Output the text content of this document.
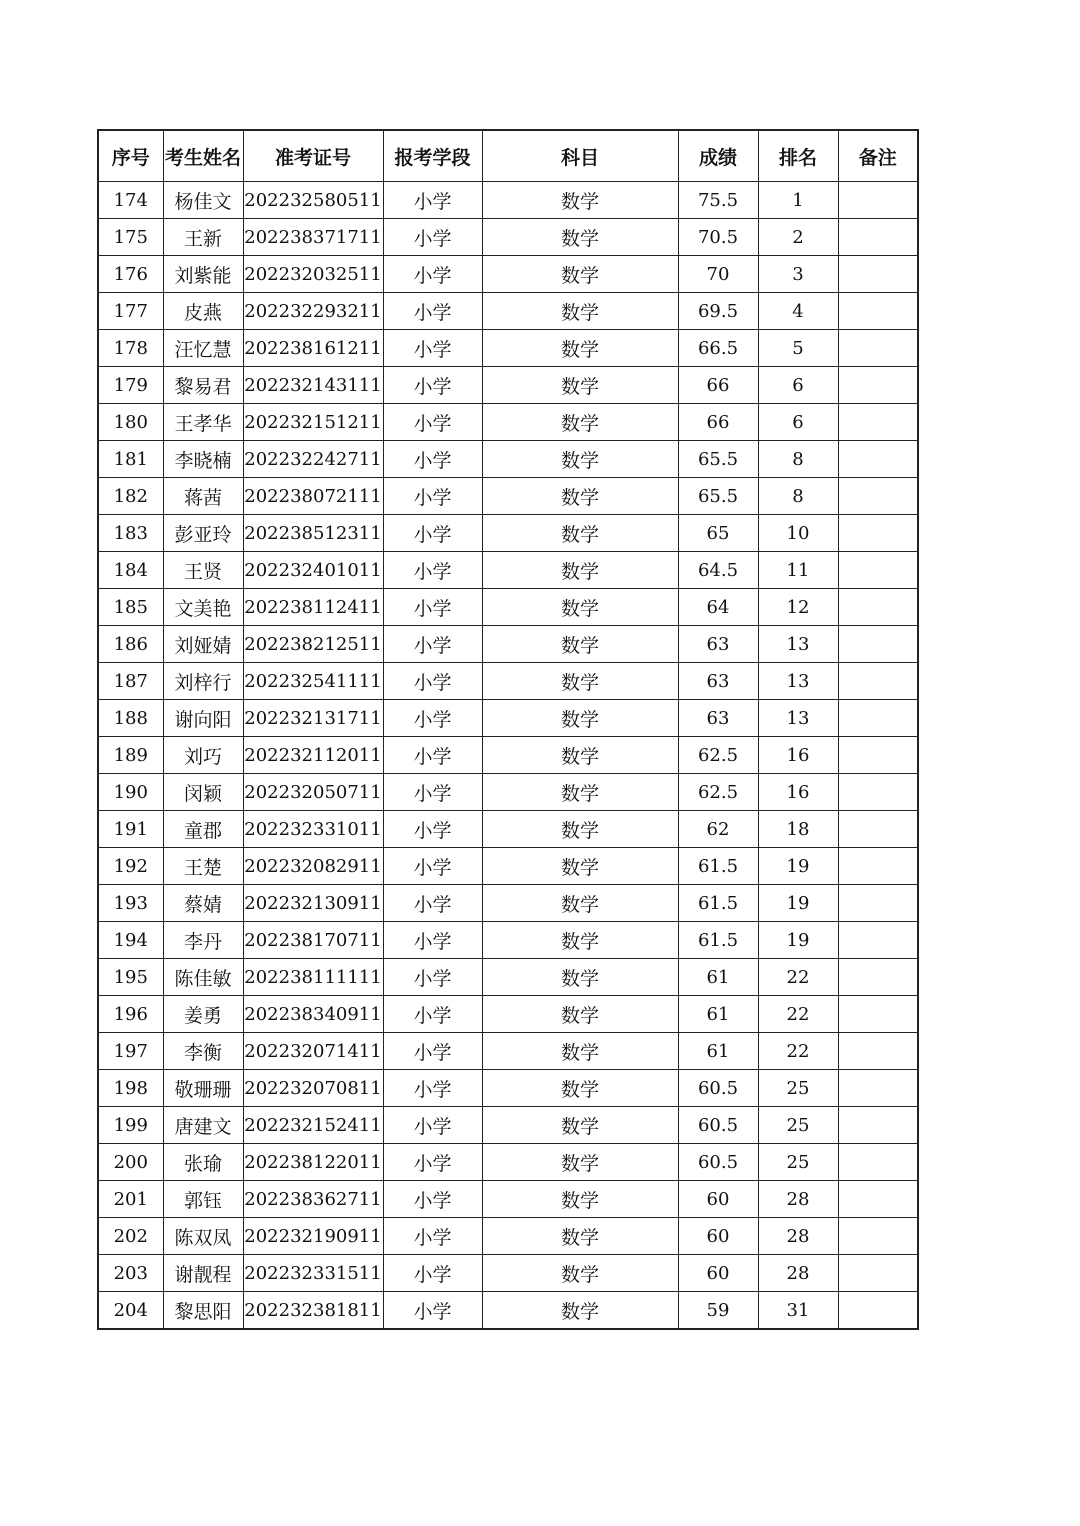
序号	考生姓名	准考证号	报考学段	科目	成绩	排名	备注
174	杨佳文	202232580511	小学	数学	75.5	1	
175	王新	202238371711	小学	数学	70.5	2	
176	刘紫能	202232032511	小学	数学	70	3	
177	皮燕	202232293211	小学	数学	69.5	4	
178	汪忆慧	202238161211	小学	数学	66.5	5	
179	黎易君	202232143111	小学	数学	66	6	
180	王孝华	202232151211	小学	数学	66	6	
181	李晓楠	202232242711	小学	数学	65.5	8	
182	蒋茜	202238072111	小学	数学	65.5	8	
183	彭亚玲	202238512311	小学	数学	65	10	
184	王贤	202232401011	小学	数学	64.5	11	
185	文美艳	202238112411	小学	数学	64	12	
186	刘娅婧	202238212511	小学	数学	63	13	
187	刘梓行	202232541111	小学	数学	63	13	
188	谢向阳	202232131711	小学	数学	63	13	
189	刘巧	202232112011	小学	数学	62.5	16	
190	闵颖	202232050711	小学	数学	62.5	16	
191	童郡	202232331011	小学	数学	62	18	
192	王楚	202232082911	小学	数学	61.5	19	
193	蔡婧	202232130911	小学	数学	61.5	19	
194	李丹	202238170711	小学	数学	61.5	19	
195	陈佳敏	202238111111	小学	数学	61	22	
196	姜勇	202238340911	小学	数学	61	22	
197	李衡	202232071411	小学	数学	61	22	
198	敬珊珊	202232070811	小学	数学	60.5	25	
199	唐建文	202232152411	小学	数学	60.5	25	
200	张瑜	202238122011	小学	数学	60.5	25	
201	郭钰	202238362711	小学	数学	60	28	
202	陈双凤	202232190911	小学	数学	60	28	
203	谢靓程	202232331511	小学	数学	60	28	
204	黎思阳	202232381811	小学	数学	59	31	
